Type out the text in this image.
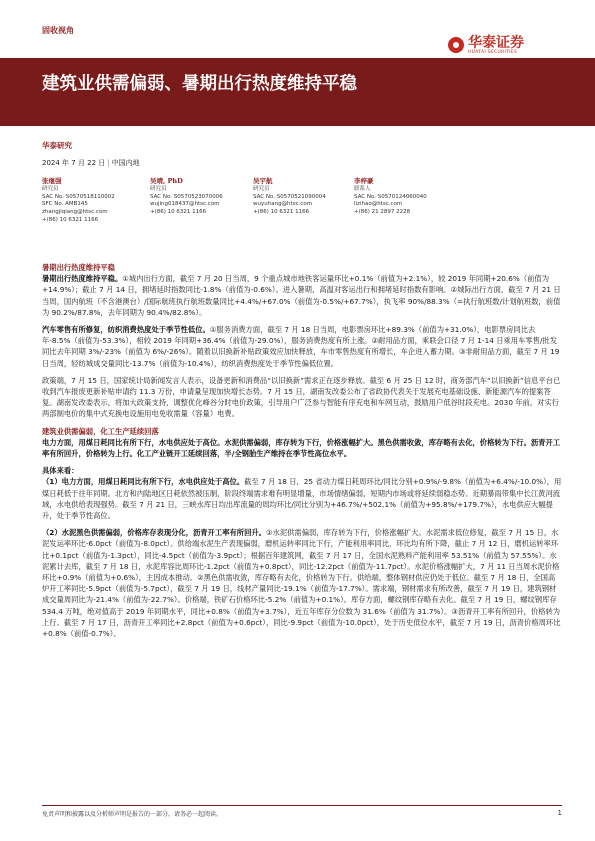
固收视角
华泰证券
HUATAI SECURITIES
建筑业供需偏弱、暑期出行热度维持平稳
华泰研究
2024 年 7 月 22 日 | 中国内地
张继强
研究员
SAC No. S0570518110002
SFC No. AMB145
zhangjiqiang@htsc.com
+(86) 10 6321 1166
吴靖, PhD
研究员
SAC No. S0570523070006
wujing018437@htsc.com
+(86) 10 6321 1166
吴宇航
研究员
SAC No. S0570521090004
wuyuhang@htsc.com
+(86) 10 6321 1166
李梓豪
联系人
SAC No. S0570124060040
lizihao@htsc.com
+(86) 21 2897 2228

暑期出行热度维持平稳

暑期出行热度维持平稳。①城内出行方面，截至 7 月 20 日当周，9 个重点城市地铁客运量环比+0.1%（前值为+2.1%），较 2019 年同期+20.6%（前值为+14.9%）；截止 7 月 14 日，拥堵延时指数同比-1.8%（前值为-0.6%）。进入暑期，高温对客运出行和拥堵延时指数有影响。②城际出行方面，截至 7 月 21 日当周，国内航班（不含港澳台）/国际航班执行航班数量同比+4.4%/+67.0%（前值为-0.5%/+67.7%），执飞率 90%/88.3%（=执行航班数/计划航班数，前值为 90.2%/87.8%，去年同期为 90.4%/82.8%）。

汽车零售有所修复，纺织消费热度处于季节性低位。①服务消费方面，截至 7 月 18 日当周，电影票房环比+89.3%（前值为+31.0%），电影票房同比去年-8.5%（前值为-53.3%），相较 2019 年同期+36.4%（前值为-29.0%），服务消费热度有所上涨。②耐用品方面，乘联会口径 7 月 1-14 日乘用车零售/批发同比去年同期 3%/-23%（前值为 6%/-26%）。随着以旧换新补贴政策效应加快释放，车市零售热度有所增长，车企进入蓄力期。③非耐用品方面，截至 7 月 19 日当周，轻纺城成交量同比-13.7%（前值为-10.4%），纺织消费热度处于季节性偏低位置。

政策端，7 月 15 日，国家统计局新闻发言人表示，设备更新和消费品“以旧换新”需求正在逐步释放。截至 6 月 25 日 12 时，商务部汽车“以旧换新”信息平台已收到汽车报废更新补贴申请约 11.3 万份，申请量呈现加快增长态势。7 月 15 日，湖南发改委公布了省政协代表关于发展充电基础设施、新能源汽车的提案答复。湖南发改委表示，将加大政策支持，调整优化峰谷分时电价政策，引导用户广泛参与智能有序充电和车网互动，鼓励用户低谷时段充电。2030 年前，对实行两部制电价的集中式充换电设施用电免收需量（容量）电费。

建筑业供需偏弱，化工生产延续回落

电力方面，用煤日耗同比有所下行，水电供应处于高位。水泥供需偏弱，库存转为下行，价格涨幅扩大。黑色供需收敛，库存略有去化，价格转为下行。沥青开工率有所回升，价格转为上行。化工产业链开工延续回落，半/全钢胎生产维持在季节性高位水平。

具体来看：

（1）电力方面，用煤日耗同比有所下行，水电供应处于高位。截至 7 月 18 日，25 省动力煤日耗周环比/同比分别+0.9%/-9.8%（前值为+6.4%/-10.0%），用煤日耗低于往年同期。北方和内陆地区日耗依然被压制，阶段终端需求难有明显增量，市场情绪偏弱，短期内市场或将延续弱稳态势。近期暴雨带集中长江黄河流域，水电供给表现强势。截至 7 月 21 日，三峡水库日均出库流量的周均环比/同比分别为+46.7%/+502.1%（前值为+95.8%/+179.7%），水电供应大幅提升，处于季节性高位。

（2）水泥黑色供需偏弱，价格库存表现分化，沥青开工率有所回升。①水泥供需偏弱，库存转为下行，价格涨幅扩大。水泥需求低位修复，截至 7 月 15 日，水泥发运率环比-6.0pct（前值为-8.0pct）。供给端水泥生产表现偏弱，磨机运转率同比下行，产能利用率同比、环比均有所下降，截止 7 月 12 日，磨机运转率环比+0.1pct（前值为-1.3pct），同比-4.5pct（前值为-3.9pct）；根据百年建筑网，截至 7 月 17 日，全国水泥熟料产能利用率 53.51%（前值为 57.55%）。水泥累计去库，截至 7 月 18 日，水泥库容比周环比-1.2pct（前值为+0.8pct），同比-12.2pct（前值为-11.7pct）。水泥价格涨幅扩大，7 月 11 日当周水泥价格环比+0.9%（前值为+0.6%），主因成本推动。②黑色供需收敛，库存略有去化，价格转为下行。供给端，整体钢材供应仍处于低位。截至 7 月 18 日，全国高炉开工率同比-5.9pct（前值为-5.7pct），截至 7 月 19 日，线材产量同比-19.1%（前值为-17.7%）。需求端，钢材需求有所改善，截至 7 月 19 日，建筑钢材成交量周同比为-21.4%（前值为-22.7%）。价格端，铁矿石价格环比-5.2%（前值为+0.1%）。库存方面，螺纹钢库存略有去化。截至 7 月 19 日，螺纹钢库存 534.4 万吨，绝对值高于 2019 年同期水平，同比+0.8%（前值为+3.7%），近五年库存分位数为 31.6%（前值为 31.7%）。③沥青开工率有所回升，价格转为上行。截至 7 月 17 日，沥青开工率同比+2.8pct（前值为+0.6pct），同比-9.9pct（前值为-10.0pct），处于历史低位水平，截至 7 月 19 日，沥青价格周环比+0.8%（前值-0.7%）。

免责声明和披露以及分析师声明是报告的一部分，请务必一起阅读。	1
